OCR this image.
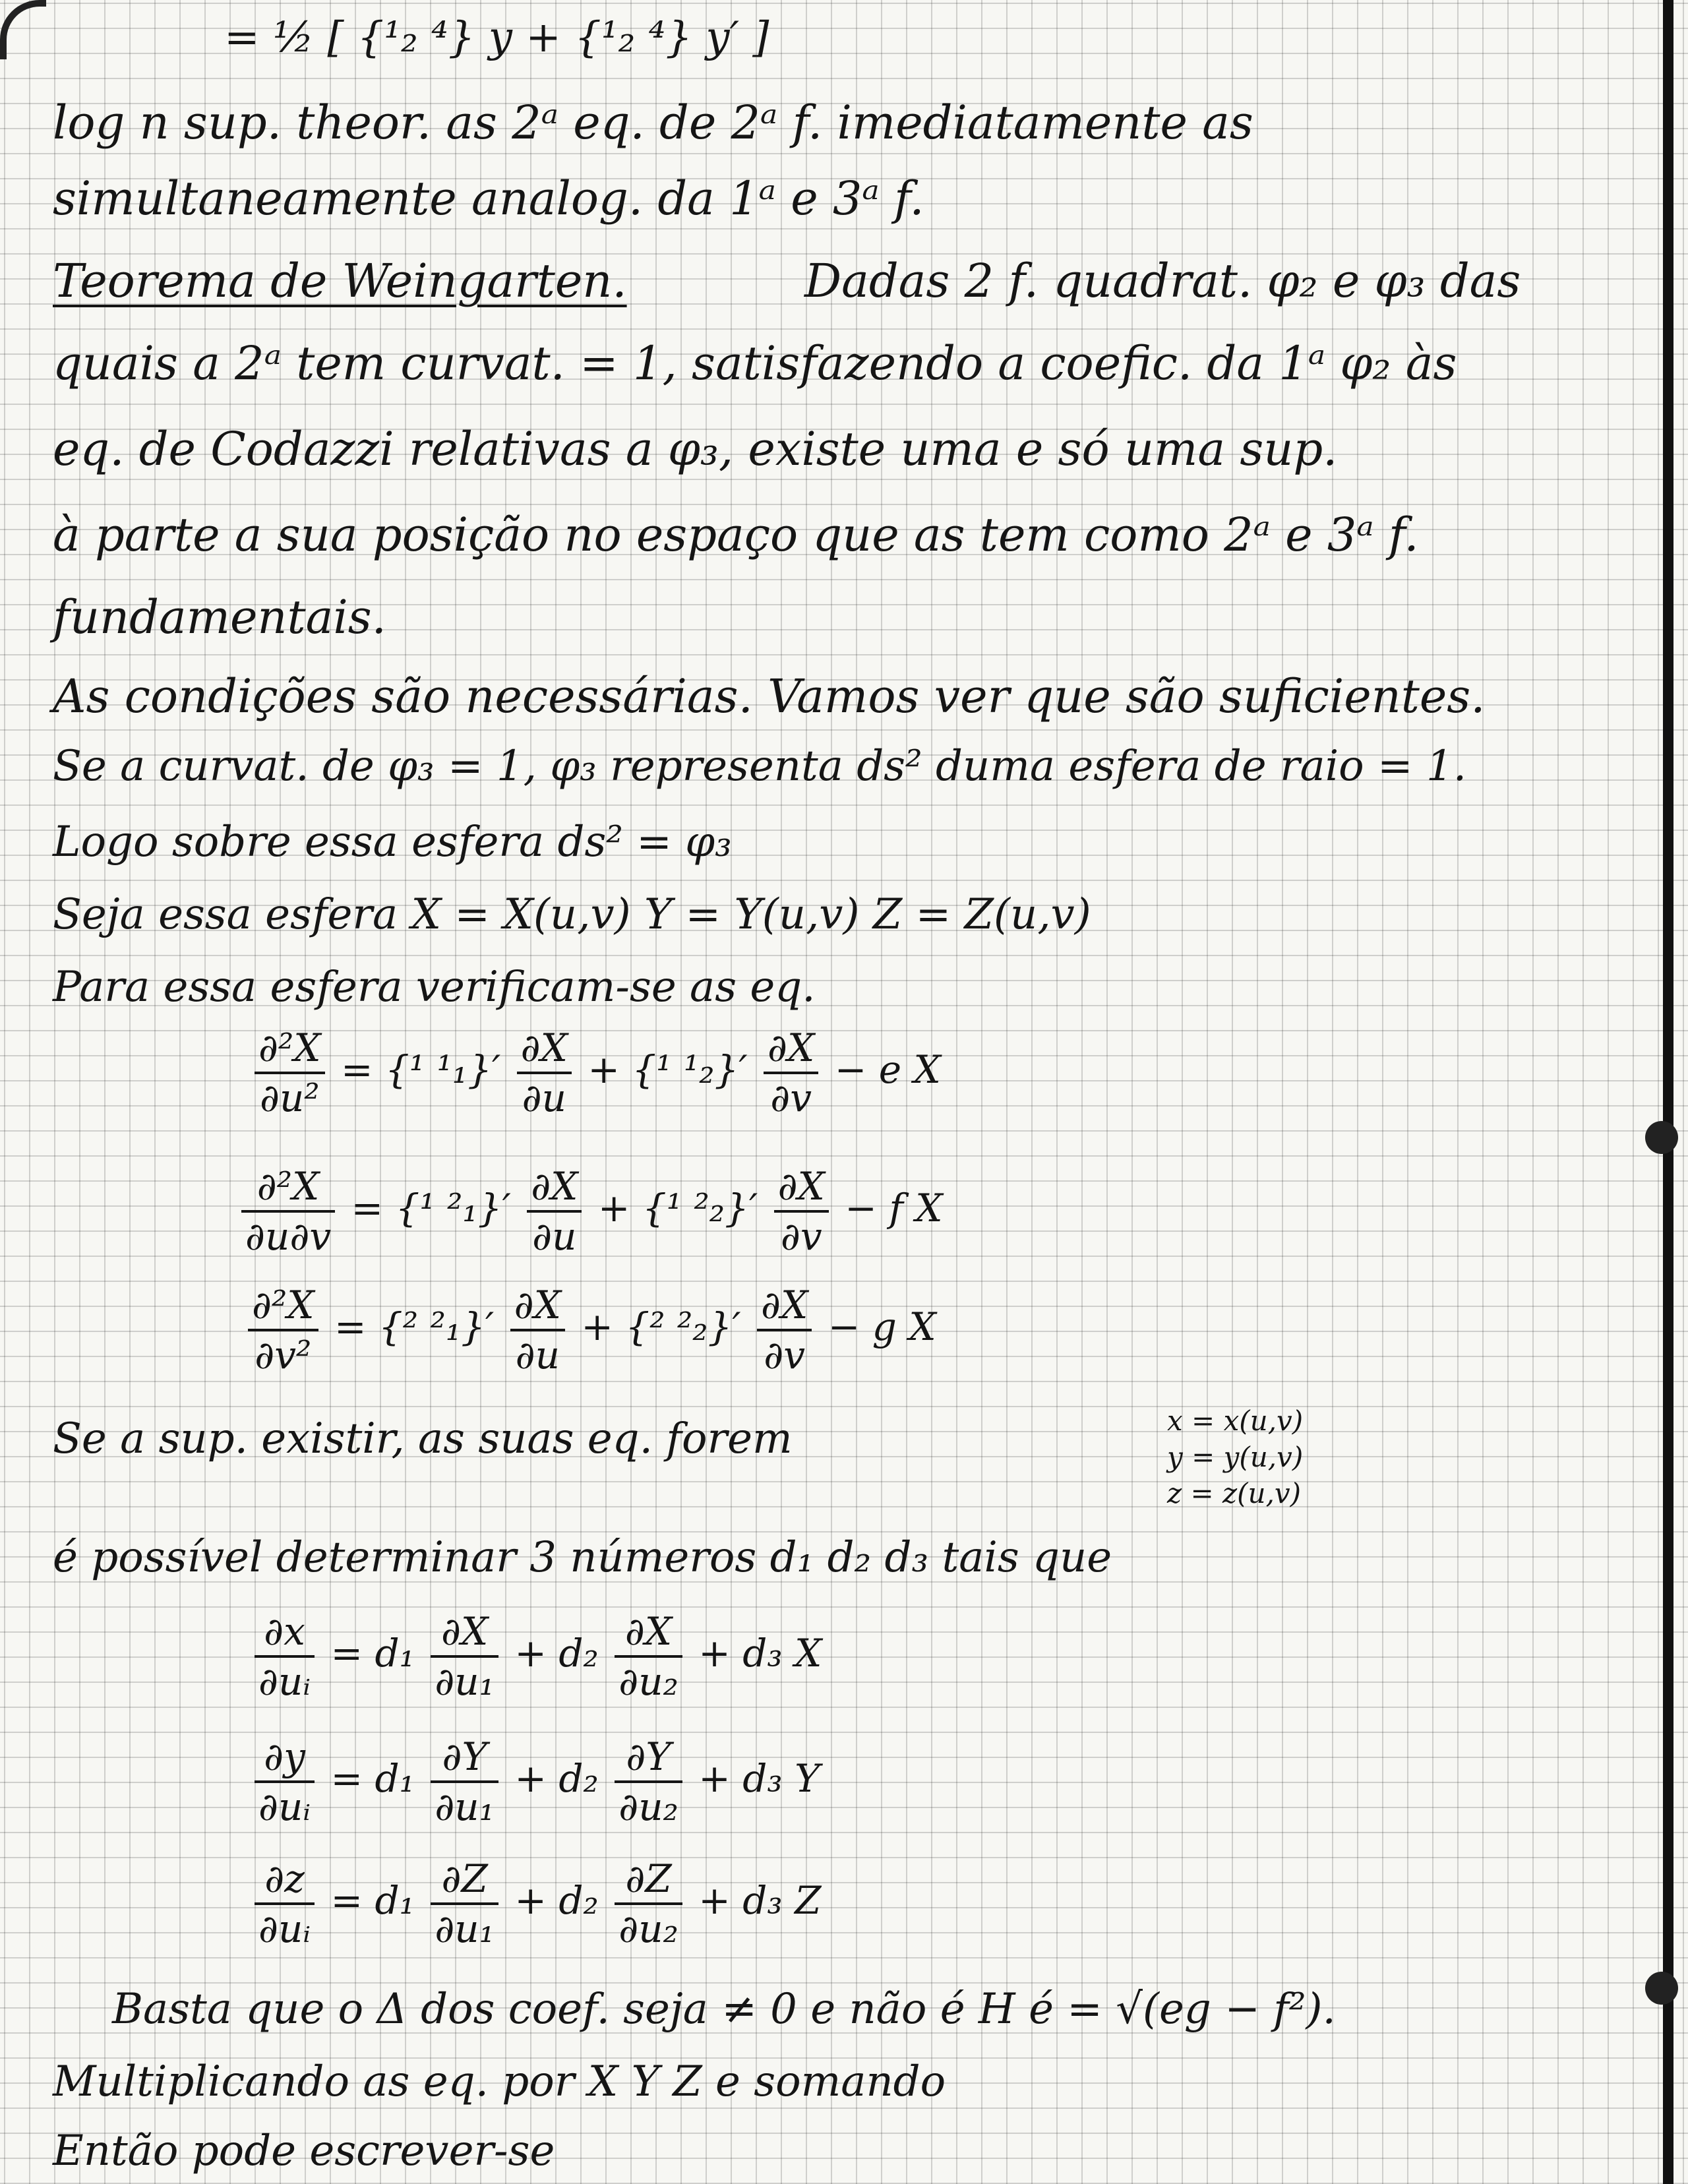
= ½ [ {¹₂ ⁴} y + {¹₂ ⁴} y′ ]
log n sup. theor. as 2ᵃ eq. de 2ᵃ f. imediatamente as
simultaneamente analog. da 1ᵃ e 3ᵃ f.
Teorema de Weingarten.	Dadas 2 f. quadrat. φ₂ e φ₃ das
quais a 2ᵃ tem curvat. = 1, satisfazendo a coefic. da 1ᵃ φ₂ às
eq. de Codazzi relativas a φ₃, existe uma e só uma sup.
à parte a sua posição no espaço que as tem como 2ᵃ e 3ᵃ f.
fundamentais.
As condições são necessárias. Vamos ver que são suficientes.
Se a curvat. de φ₃ = 1, φ₃ representa ds² duma esfera de raio = 1.
Logo sobre essa esfera ds² = φ₃
Seja essa esfera X = X(u,v) Y = Y(u,v) Z = Z(u,v)
Para essa esfera verificam-se as eq.
$\frac{\text{∂²X}}{\text{∂u²}} = \{^1$ $^1_1\}' \frac{\partial X}{\partial u} + \{^1$ $^1_2\}' \frac{\partial X}{\partial v} - e$ X
$\frac{\text{∂²X}}{\partial u\partial v} = \{^1$ $^2_1\}' \frac{\partial X}{\partial u} + \{^1$ $^2_2\}' \frac{\partial X}{\partial v} - f$ X
$\frac{\text{∂²X}}{\text{∂v²}} = \{^2$ $^2_1\}' \frac{\partial X}{\partial u} + \{^2$ $^2_2\}' \frac{\partial X}{\partial v} - g$ X
Se a sup. existir, as suas eq. forem	x = x(u,v)
y = y(u,v)
z = z(u,v)
é possível determinar 3 números d₁ d₂ d₃ tais que
$\frac{\partial x}{\text{∂uᵢ}} = d_1 \frac{\partial X}{\text{∂u₁}} + d_2 \frac{\partial X}{\text{∂u₂}} + d_3$ X
$\frac{\partial y}{\text{∂uᵢ}} = d_1 \frac{\partial Y}{\text{∂u₁}} + d_2 \frac{\partial Y}{\text{∂u₂}} + d_3$ Y
$\frac{\partial z}{\text{∂uᵢ}} = d_1 \frac{\partial Z}{\text{∂u₁}} + d_2 \frac{\partial Z}{\text{∂u₂}} + d_3$ Z
Basta que o Δ dos coef. seja ≠ 0 e não é H é = √(eg − f²).
Multiplicando as eq. por X Y Z e somando
Então pode escrever-se
